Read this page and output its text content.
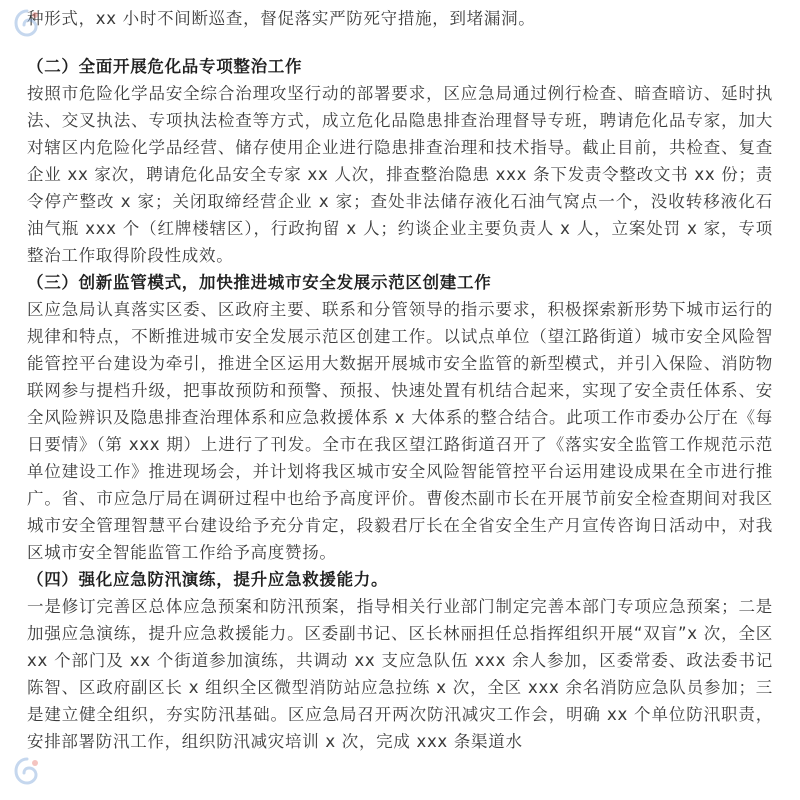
种形式，xx 小时不间断巡查，督促落实严防死守措施，到堵漏洞。

（二）全面开展危化品专项整治工作

按照市危险化学品安全综合治理攻坚行动的部署要求，区应急局通过例行检查、暗查暗访、延时执法、交叉执法、专项执法检查等方式，成立危化品隐患排查治理督导专班，聘请危化品专家，加大对辖区内危险化学品经营、储存使用企业进行隐患排查治理和技术指导。截止目前，共检查、复查企业 xx 家次，聘请危化品安全专家 xx 人次，排查整治隐患 xxx 条下发责令整改文书 xx 份；责令停产整改 x 家；关闭取缔经营企业 x 家；查处非法储存液化石油气窝点一个，没收转移液化石油气瓶 xxx 个（红牌楼辖区），行政拘留 x 人；约谈企业主要负责人 x 人，立案处罚 x 家，专项整治工作取得阶段性成效。

（三）创新监管模式，加快推进城市安全发展示范区创建工作

区应急局认真落实区委、区政府主要、联系和分管领导的指示要求，积极探索新形势下城市运行的规律和特点，不断推进城市安全发展示范区创建工作。以试点单位（望江路街道）城市安全风险智能管控平台建设为牵引，推进全区运用大数据开展城市安全监管的新型模式，并引入保险、消防物联网参与提档升级，把事故预防和预警、预报、快速处置有机结合起来，实现了安全责任体系、安全风险辨识及隐患排查治理体系和应急救援体系 x 大体系的整合结合。此项工作市委办公厅在《每日要情》（第 xxx 期）上进行了刊发。全市在我区望江路街道召开了《落实安全监管工作规范示范单位建设工作》推进现场会，并计划将我区城市安全风险智能管控平台运用建设成果在全市进行推广。省、市应急厅局在调研过程中也给予高度评价。曹俊杰副市长在开展节前安全检查期间对我区城市安全管理智慧平台建设给予充分肯定，段毅君厅长在全省安全生产月宣传咨询日活动中，对我区城市安全智能监管工作给予高度赞扬。

（四）强化应急防汛演练，提升应急救援能力。

一是修订完善区总体应急预案和防汛预案，指导相关行业部门制定完善本部门专项应急预案；二是加强应急演练，提升应急救援能力。区委副书记、区长林丽担任总指挥组织开展“双盲”x 次，全区 xx 个部门及 xx 个街道参加演练，共调动 xx 支应急队伍 xxx 余人参加，区委常委、政法委书记陈智、区政府副区长 x 组织全区微型消防站应急拉练 x 次，全区 xxx 余名消防应急队员参加；三是建立健全组织，夯实防汛基础。区应急局召开两次防汛减灾工作会，明确 xx 个单位防汛职责，安排部署防汛工作，组织防汛减灾培训 x 次，完成 xxx 条渠道水
